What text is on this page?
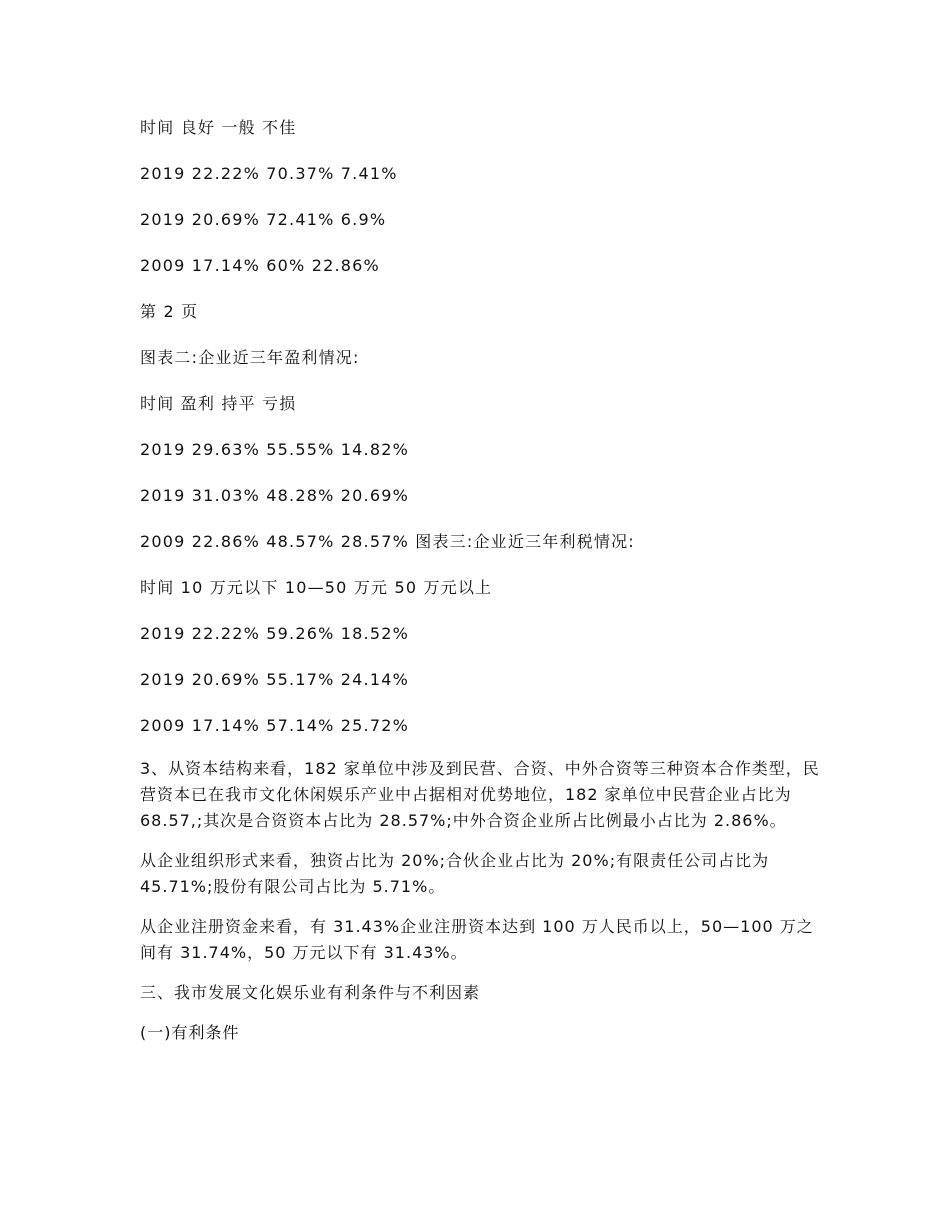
时间 良好 一般 不佳
2019 22.22% 70.37% 7.41%
2019 20.69% 72.41% 6.9%
2009 17.14% 60% 22.86%
第 2 页
图表二:企业近三年盈利情况:
时间 盈利 持平 亏损
2019 29.63% 55.55% 14.82%
2019 31.03% 48.28% 20.69%
2009 22.86% 48.57% 28.57% 图表三:企业近三年利税情况:
时间 10 万元以下 10—50 万元 50 万元以上
2019 22.22% 59.26% 18.52%
2019 20.69% 55.17% 24.14%
2009 17.14% 57.14% 25.72%
3、从资本结构来看，182 家单位中涉及到民营、合资、中外合资等三种资本合作类型，民营资本已在我市文化休闲娱乐产业中占据相对优势地位，182 家单位中民营企业占比为 68.57,;其次是合资资本占比为 28.57%;中外合资企业所占比例最小占比为 2.86%。
从企业组织形式来看，独资占比为 20%;合伙企业占比为 20%;有限责任公司占比为 45.71%;股份有限公司占比为 5.71%。
从企业注册资金来看，有 31.43%企业注册资本达到 100 万人民币以上，50—100 万之间有 31.74%，50 万元以下有 31.43%。
三、我市发展文化娱乐业有利条件与不利因素
(一)有利条件
